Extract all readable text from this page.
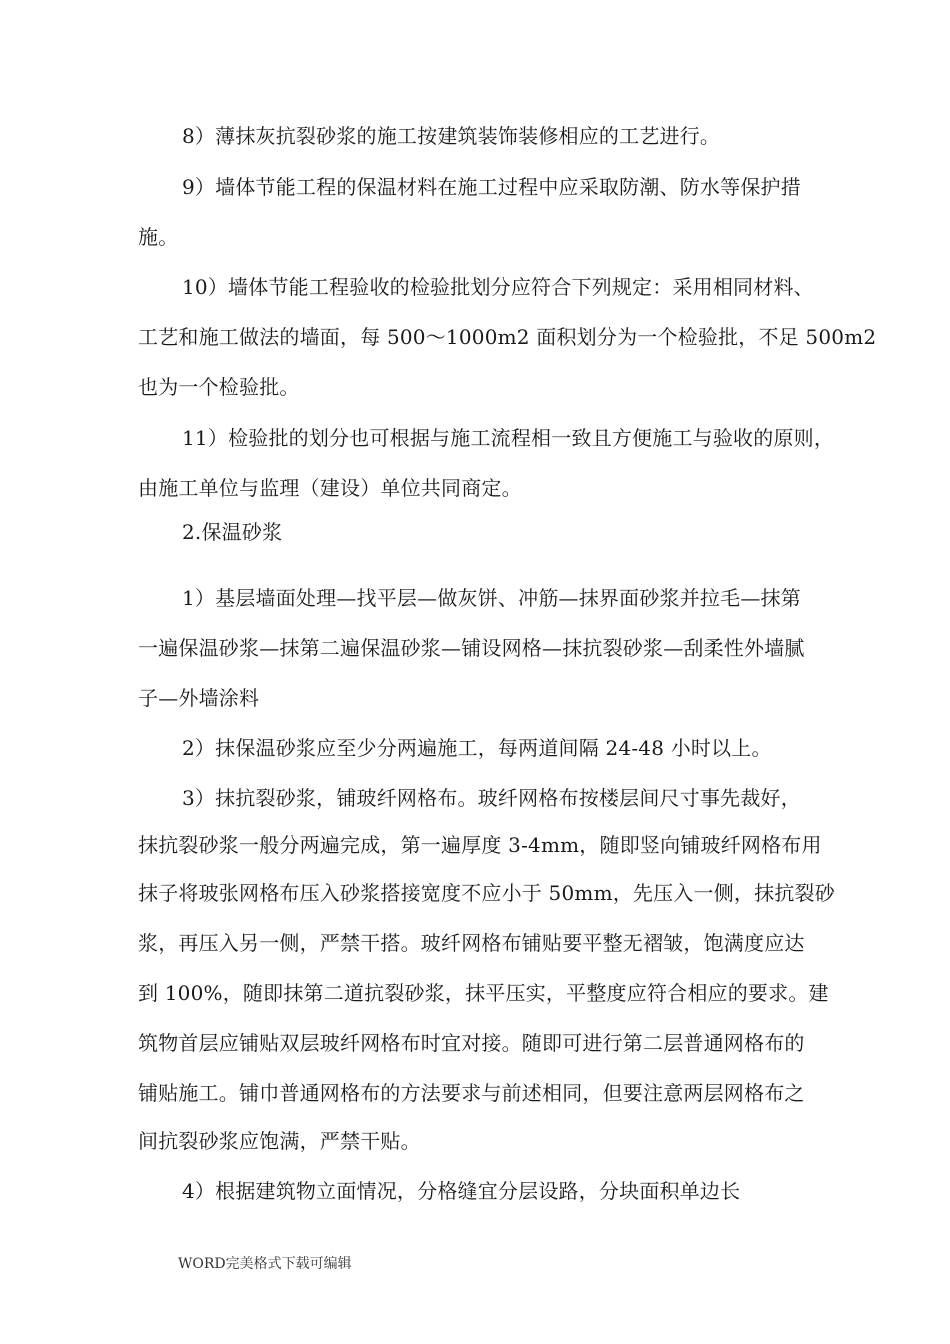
8）薄抹灰抗裂砂浆的施工按建筑装饰装修相应的工艺进行。
9）墙体节能工程的保温材料在施工过程中应采取防潮、防水等保护措
施。
10）墙体节能工程验收的检验批划分应符合下列规定：采用相同材料、
工艺和施工做法的墙面，每 500～1000m2 面积划分为一个检验批，不足 500m2
也为一个检验批。
11）检验批的划分也可根据与施工流程相一致且方便施工与验收的原则，
由施工单位与监理（建设）单位共同商定。
2.保温砂浆
1）基层墙面处理—找平层—做灰饼、冲筋—抹界面砂浆并拉毛—抹第
一遍保温砂浆—抹第二遍保温砂浆—铺设网格—抹抗裂砂浆—刮柔性外墙腻
子—外墙涂料
2）抹保温砂浆应至少分两遍施工，每两道间隔 24-48 小时以上。
3）抹抗裂砂浆，铺玻纤网格布。玻纤网格布按楼层间尺寸事先裁好，
抹抗裂砂浆一般分两遍完成，第一遍厚度 3-4mm，随即竖向铺玻纤网格布用
抹子将玻张网格布压入砂浆搭接宽度不应小于 50mm，先压入一侧，抹抗裂砂
浆，再压入另一侧，严禁干搭。玻纤网格布铺贴要平整无褶皱，饱满度应达
到 100%，随即抹第二道抗裂砂浆，抹平压实，平整度应符合相应的要求。建
筑物首层应铺贴双层玻纤网格布时宜对接。随即可进行第二层普通网格布的
铺贴施工。铺巾普通网格布的方法要求与前述相同，但要注意两层网格布之
间抗裂砂浆应饱满，严禁干贴。
4）根据建筑物立面情况，分格缝宜分层设路，分块面积单边长
WORD完美格式下载可编辑
